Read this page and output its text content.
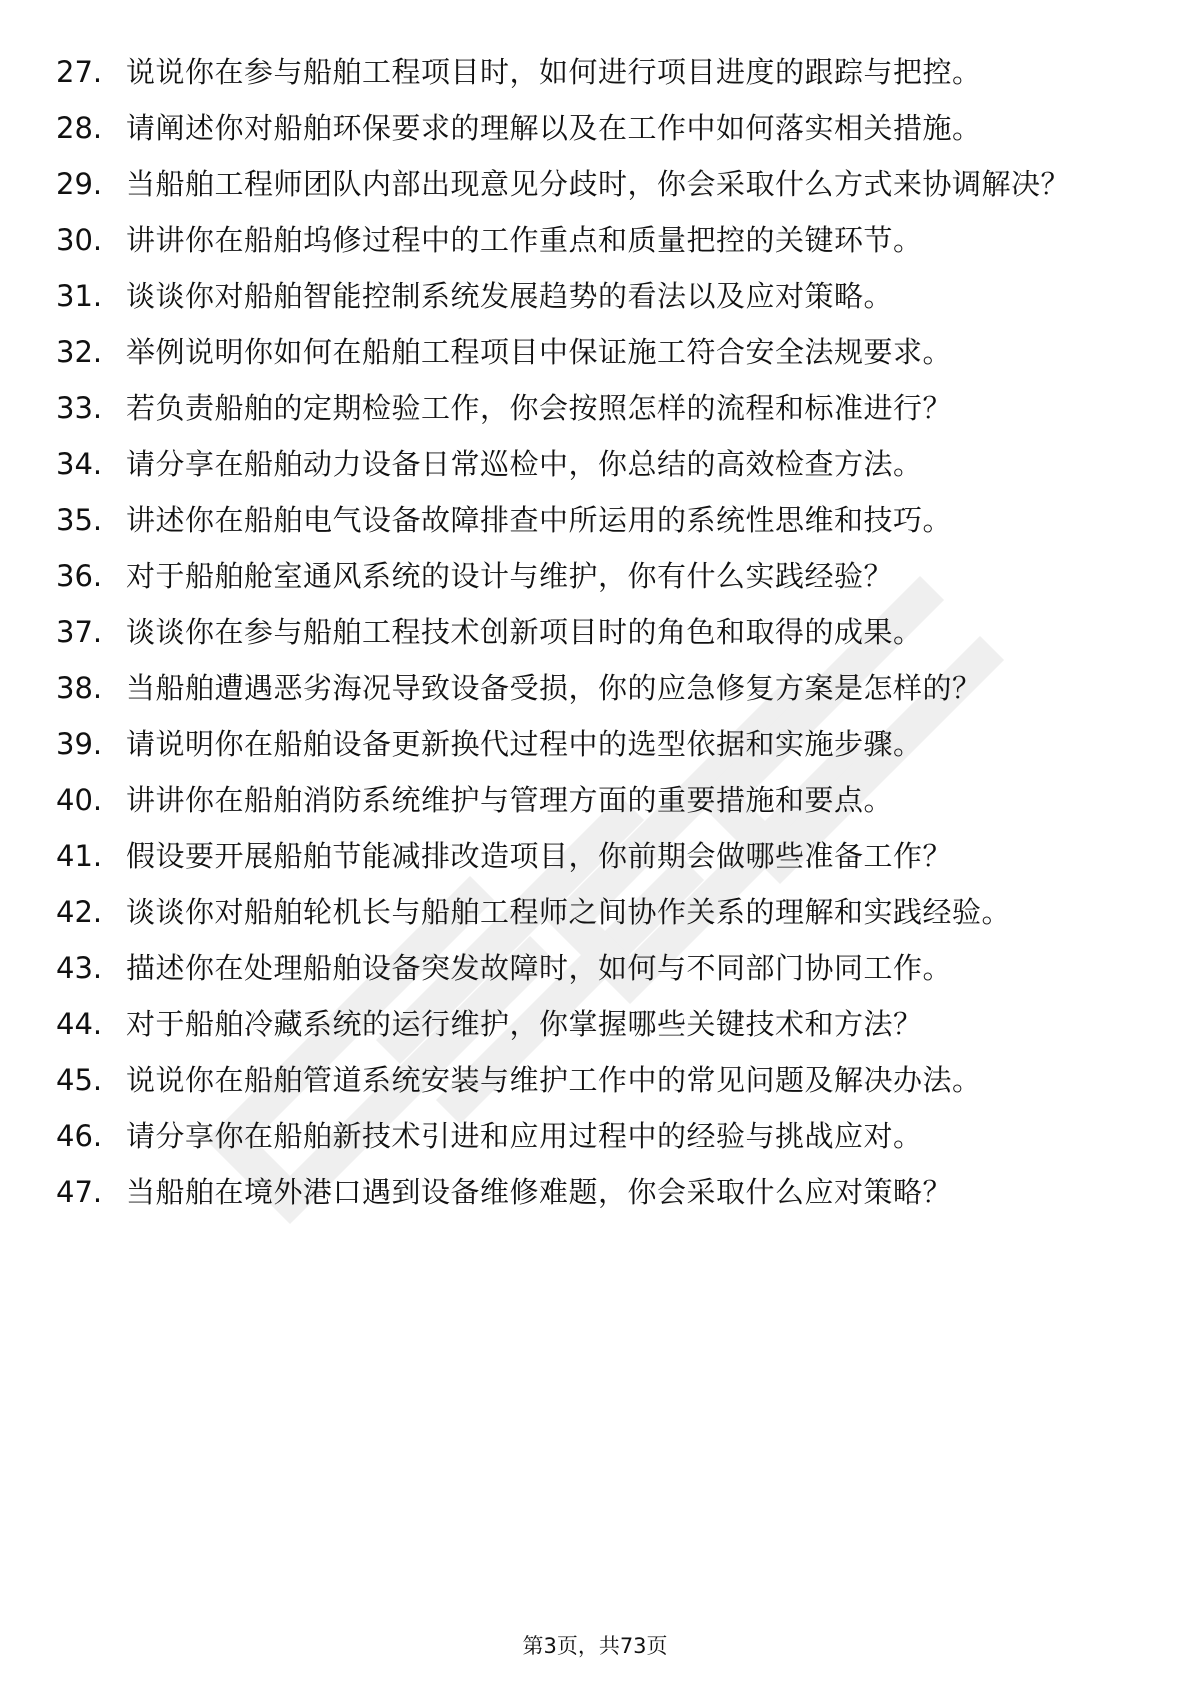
27. 说说你在参与船舶工程项目时，如何进行项目进度的跟踪与把控。
28. 请阐述你对船舶环保要求的理解以及在工作中如何落实相关措施。
29. 当船舶工程师团队内部出现意见分歧时，你会采取什么方式来协调解决？
30. 讲讲你在船舶坞修过程中的工作重点和质量把控的关键环节。
31. 谈谈你对船舶智能控制系统发展趋势的看法以及应对策略。
32. 举例说明你如何在船舶工程项目中保证施工符合安全法规要求。
33. 若负责船舶的定期检验工作，你会按照怎样的流程和标准进行？
34. 请分享在船舶动力设备日常巡检中，你总结的高效检查方法。
35. 讲述你在船舶电气设备故障排查中所运用的系统性思维和技巧。
36. 对于船舶舱室通风系统的设计与维护，你有什么实践经验？
37. 谈谈你在参与船舶工程技术创新项目时的角色和取得的成果。
38. 当船舶遭遇恶劣海况导致设备受损，你的应急修复方案是怎样的？
39. 请说明你在船舶设备更新换代过程中的选型依据和实施步骤。
40. 讲讲你在船舶消防系统维护与管理方面的重要措施和要点。
41. 假设要开展船舶节能减排改造项目，你前期会做哪些准备工作？
42. 谈谈你对船舶轮机长与船舶工程师之间协作关系的理解和实践经验。
43. 描述你在处理船舶设备突发故障时，如何与不同部门协同工作。
44. 对于船舶冷藏系统的运行维护，你掌握哪些关键技术和方法？
45. 说说你在船舶管道系统安装与维护工作中的常见问题及解决办法。
46. 请分享你在船舶新技术引进和应用过程中的经验与挑战应对。
47. 当船舶在境外港口遇到设备维修难题，你会采取什么应对策略？
第3页，共73页
